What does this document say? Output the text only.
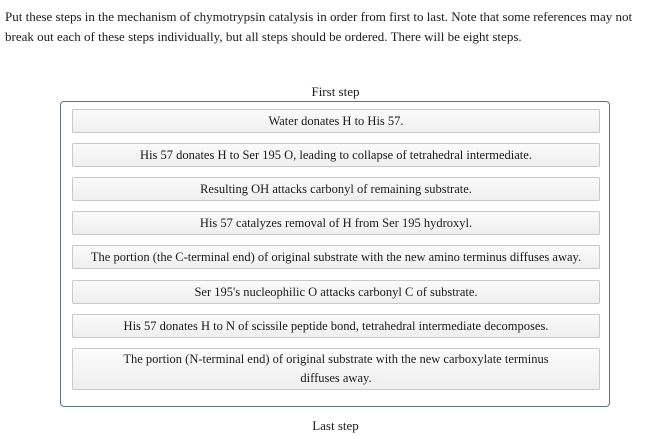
Put these steps in the mechanism of chymotrypsin catalysis in order from first to last. Note that some references may not break out each of these steps individually, but all steps should be ordered. There will be eight steps.

First step
Water donates H to His 57.
His 57 donates H to Ser 195 O, leading to collapse of tetrahedral intermediate.
Resulting OH attacks carbonyl of remaining substrate.
His 57 catalyzes removal of H from Ser 195 hydroxyl.
The portion (the C-terminal end) of original substrate with the new amino terminus diffuses away.
Ser 195's nucleophilic O attacks carbonyl C of substrate.
His 57 donates H to N of scissile peptide bond, tetrahedral intermediate decomposes.
The portion (N-terminal end) of original substrate with the new carboxylate terminus diffuses away.
Last step
